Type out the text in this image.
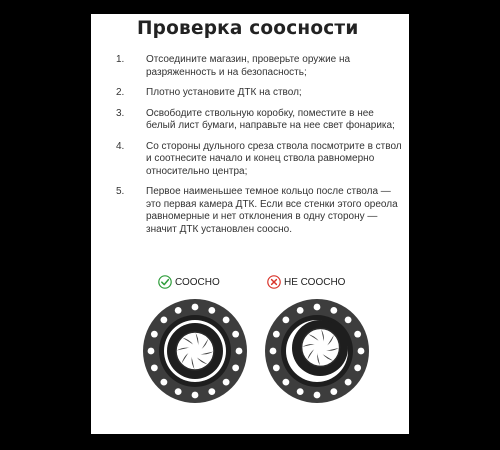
Проверка соосности
1. Отсоедините магазин, проверьте оружие на разряженность и на безопасность;
2. Плотно установите ДТК на ствол;
3. Освободите ствольную коробку, поместите в нее белый лист бумаги, направьте на нее свет фонарика;
4. Со стороны дульного среза ствола посмотрите в ствол и соотнесите начало и конец ствола равномерно относительно центра;
5. Первое наименьшее темное кольцо после ствола — это первая камера ДТК. Если все стенки этого ореола равномерные и нет отклонения в одну сторону — значит ДТК установлен соосно.
СООСНО	НЕ СООСНО
